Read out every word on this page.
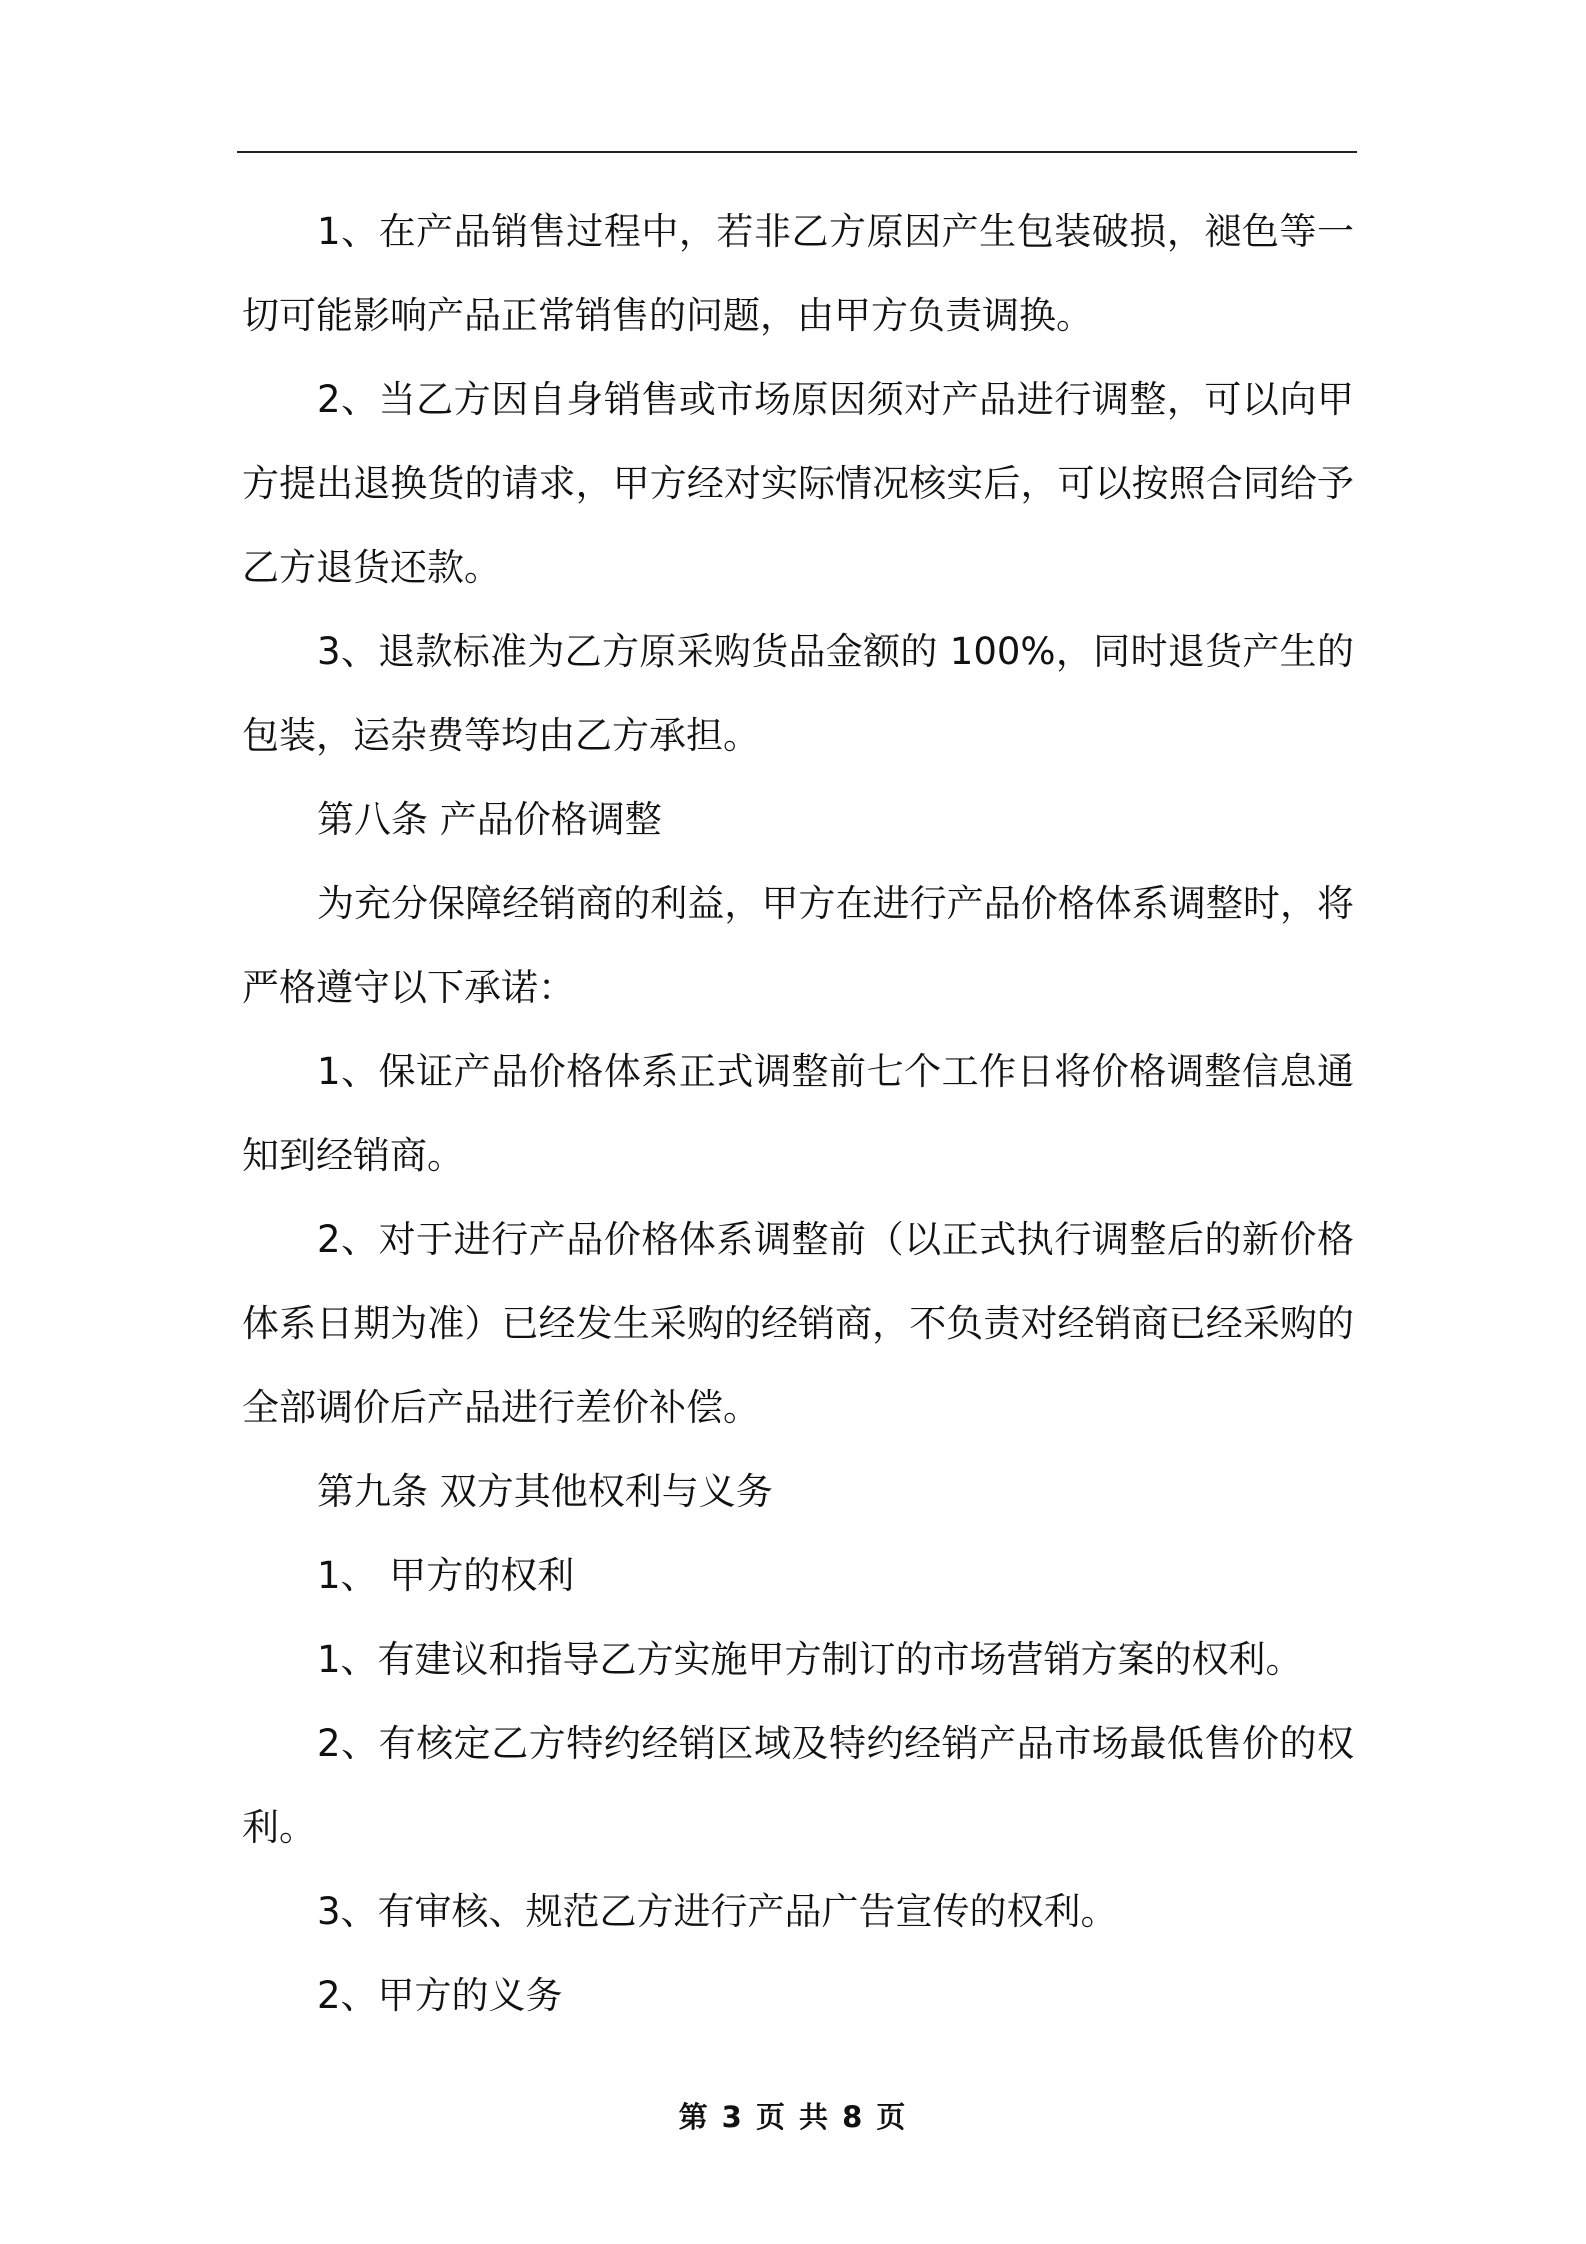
1、在产品销售过程中，若非乙方原因产生包装破损，褪色等一
切可能影响产品正常销售的问题，由甲方负责调换。
2、当乙方因自身销售或市场原因须对产品进行调整，可以向甲
方提出退换货的请求，甲方经对实际情况核实后，可以按照合同给予
乙方退货还款。
3、退款标准为乙方原采购货品金额的 100%，同时退货产生的
包装，运杂费等均由乙方承担。
第八条 产品价格调整
为充分保障经销商的利益，甲方在进行产品价格体系调整时，将
严格遵守以下承诺：
1、保证产品价格体系正式调整前七个工作日将价格调整信息通
知到经销商。
2、对于进行产品价格体系调整前（以正式执行调整后的新价格
体系日期为准）已经发生采购的经销商，不负责对经销商已经采购的
全部调价后产品进行差价补偿。
第九条 双方其他权利与义务
1、 甲方的权利
1、有建议和指导乙方实施甲方制订的市场营销方案的权利。
2、有核定乙方特约经销区域及特约经销产品市场最低售价的权
利。
3、有审核、规范乙方进行产品广告宣传的权利。
2、甲方的义务
第 3 页 共 8 页
